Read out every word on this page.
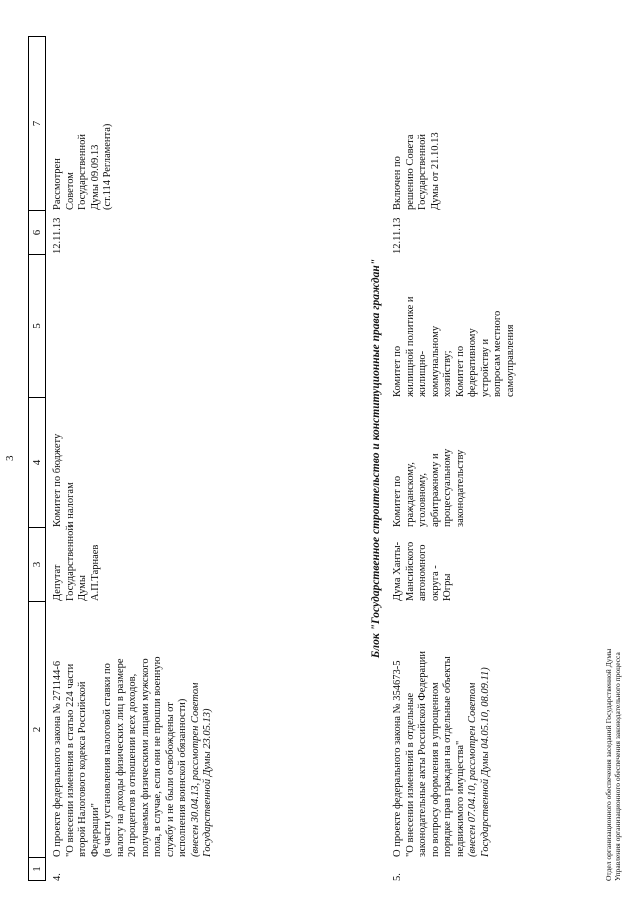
3
1
2
3
4
5
6
7
4.
О проекте федерального закона № 271144-6
"О внесении изменения в статью 224 части
второй Налогового кодекса Российской
Федерации"
(в части установления налоговой ставки по
налогу на доходы физических лиц в размере
20 процентов в отношении всех доходов,
получаемых физическими лицами мужского
пола, в случае, если они не прошли военную
службу и не были освобождены от
исполнения воинской обязанности)
(внесен 30.04.13, рассмотрен Советом
Государственной Думы 23.05.13)
Депутат
Государственной
Думы
А.П.Тарнаев
Комитет по бюджету
и налогам
12.11.13
Рассмотрен
Советом
Государственной
Думы 09.09.13
(ст.114 Регламента)
Блок "Государственное строительство и конституционные права граждан"
5.
О проекте федерального закона № 354673-5
"О внесении изменений в отдельные
законодательные акты Российской Федерации
по вопросу оформления в упрощенном
порядке прав граждан на отдельные объекты
недвижимого имущества"
(внесен 07.04.10, рассмотрен Советом
Государственной Думы 04.05.10, 08.09.11)
Дума Ханты-
Мансийского
автономного округа -
Югры
Комитет по
гражданскому,
уголовному,
арбитражному и
процессуальному
законодательству
Комитет по
жилищной политике и
жилищно-
коммунальному
хозяйству;
Комитет по
федеративному
устройству и
вопросам местного
самоуправления
12.11.13
Включен по
решению Совета
Государственной
Думы от 21.10.13
Отдел организационного обеспечения заседаний Государственной Думы
Управления организационного обеспечения законодательного процесса
